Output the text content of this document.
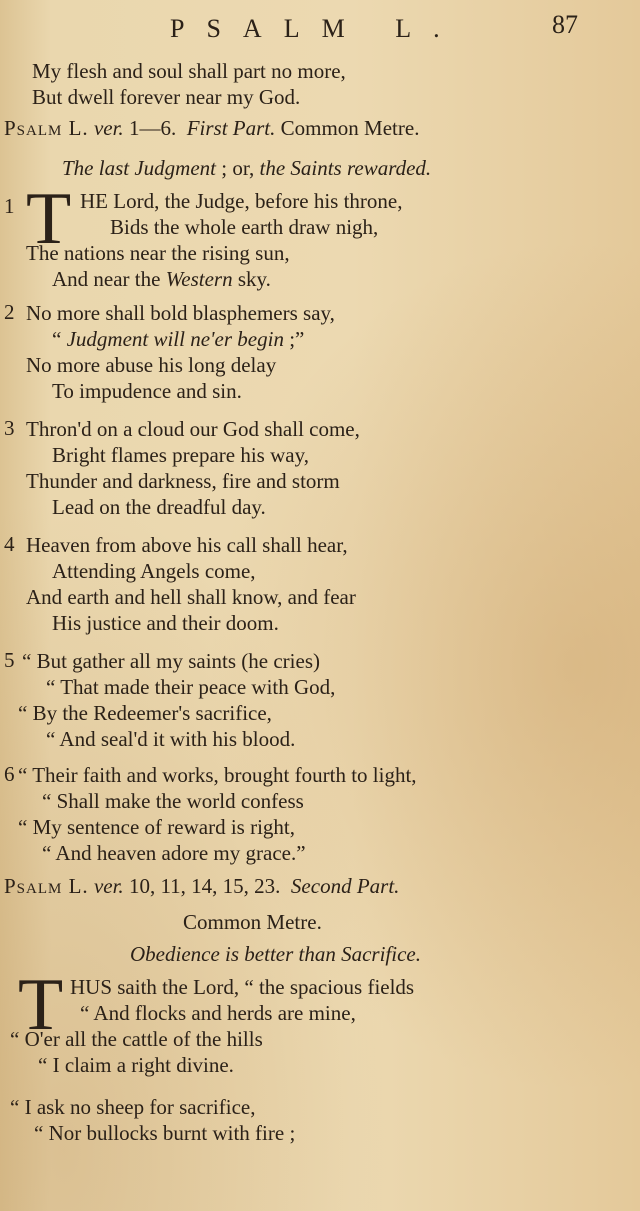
PSALM L.	87
My flesh and soul shall part no more,
But dwell forever near my God.
Psalm L. ver. 1—6. First Part. Common Metre.
The last Judgment ; or, the Saints rewarded.
1 T HE Lord, the Judge, before his throne,
Bids the whole earth draw nigh,
The nations near the rising sun,
And near the Western sky.
2 No more shall bold blasphemers say,
“ Judgment will ne'er begin ;”
No more abuse his long delay
To impudence and sin.
3 Thron'd on a cloud our God shall come,
Bright flames prepare his way,
Thunder and darkness, fire and storm
Lead on the dreadful day.
4 Heaven from above his call shall hear,
Attending Angels come,
And earth and hell shall know, and fear
His justice and their doom.
5 “ But gather all my saints (he cries)
“ That made their peace with God,
“ By the Redeemer's sacrifice,
“ And seal'd it with his blood.
6 “ Their faith and works, brought fourth to light,
“ Shall make the world confess
“ My sentence of reward is right,
“ And heaven adore my grace.”
Psalm L. ver. 10, 11, 14, 15, 23. Second Part.
Common Metre.
Obedience is better than Sacrifice.
T HUS saith the Lord, “ the spacious fields
“ And flocks and herds are mine,
“ O'er all the cattle of the hills
“ I claim a right divine.
“ I ask no sheep for sacrifice,
“ Nor bullocks burnt with fire ;
